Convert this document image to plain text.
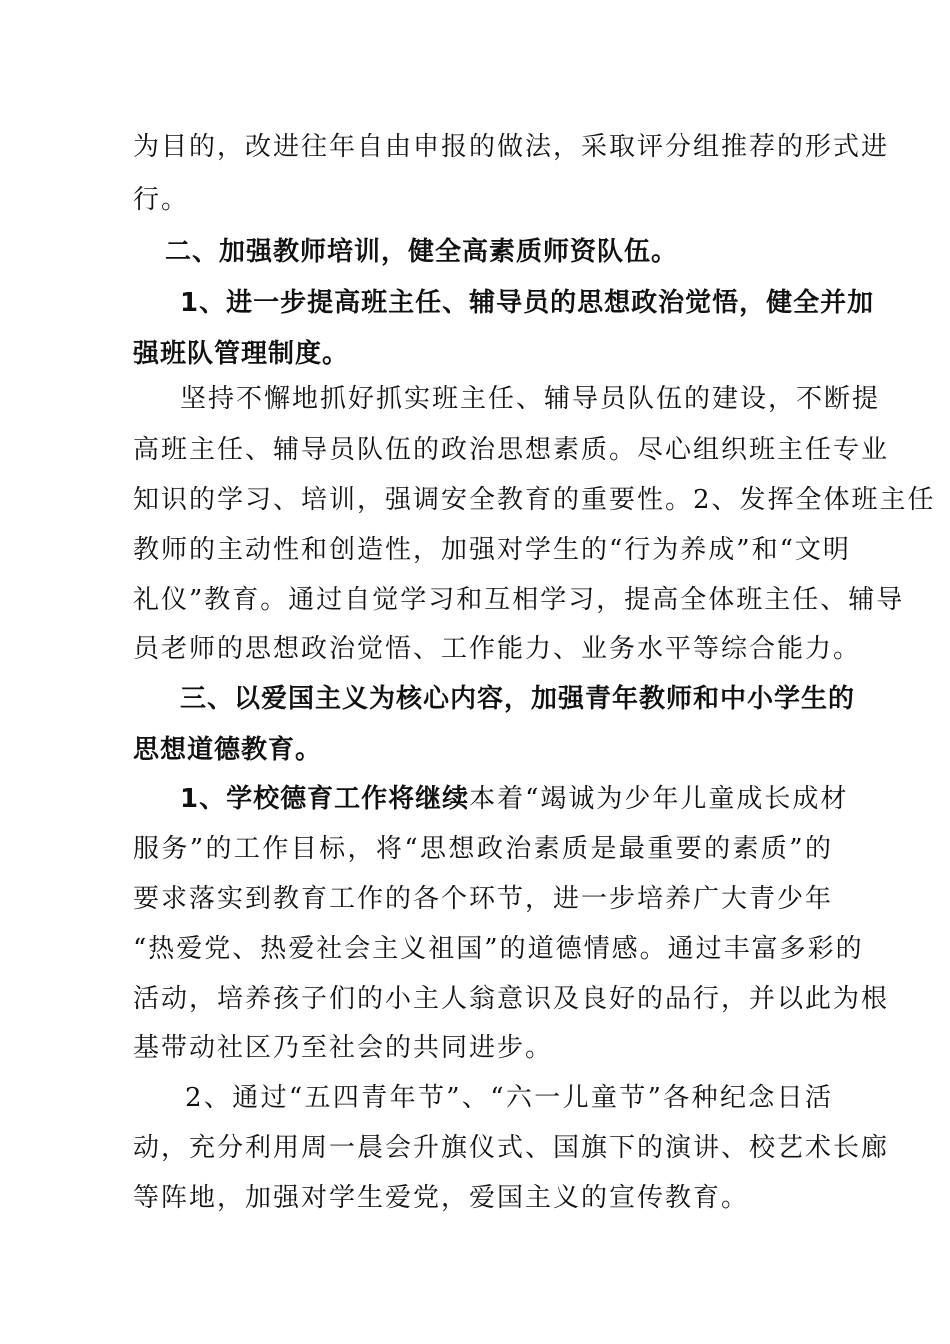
为目的，改进往年自由申报的做法，采取评分组推荐的形式进
行。
二、加强教师培训，健全高素质师资队伍。
1、进一步提高班主任、辅导员的思想政治觉悟，健全并加
强班队管理制度。
坚持不懈地抓好抓实班主任、辅导员队伍的建设，不断提
高班主任、辅导员队伍的政治思想素质。尽心组织班主任专业
知识的学习、培训，强调安全教育的重要性。2、发挥全体班主任
教师的主动性和创造性，加强对学生的“行为养成”和“文明
礼仪”教育。通过自觉学习和互相学习，提高全体班主任、辅导
员老师的思想政治觉悟、工作能力、业务水平等综合能力。
三、以爱国主义为核心内容，加强青年教师和中小学生的
思想道德教育。
1、学校德育工作将继续本着“竭诚为少年儿童成长成材
服务”的工作目标，将“思想政治素质是最重要的素质”的
要求落实到教育工作的各个环节，进一步培养广大青少年
“热爱党、热爱社会主义祖国”的道德情感。通过丰富多彩的
活动，培养孩子们的小主人翁意识及良好的品行，并以此为根
基带动社区乃至社会的共同进步。
2、通过“五四青年节”、“六一儿童节”各种纪念日活
动，充分利用周一晨会升旗仪式、国旗下的演讲、校艺术长廊
等阵地，加强对学生爱党，爱国主义的宣传教育。
